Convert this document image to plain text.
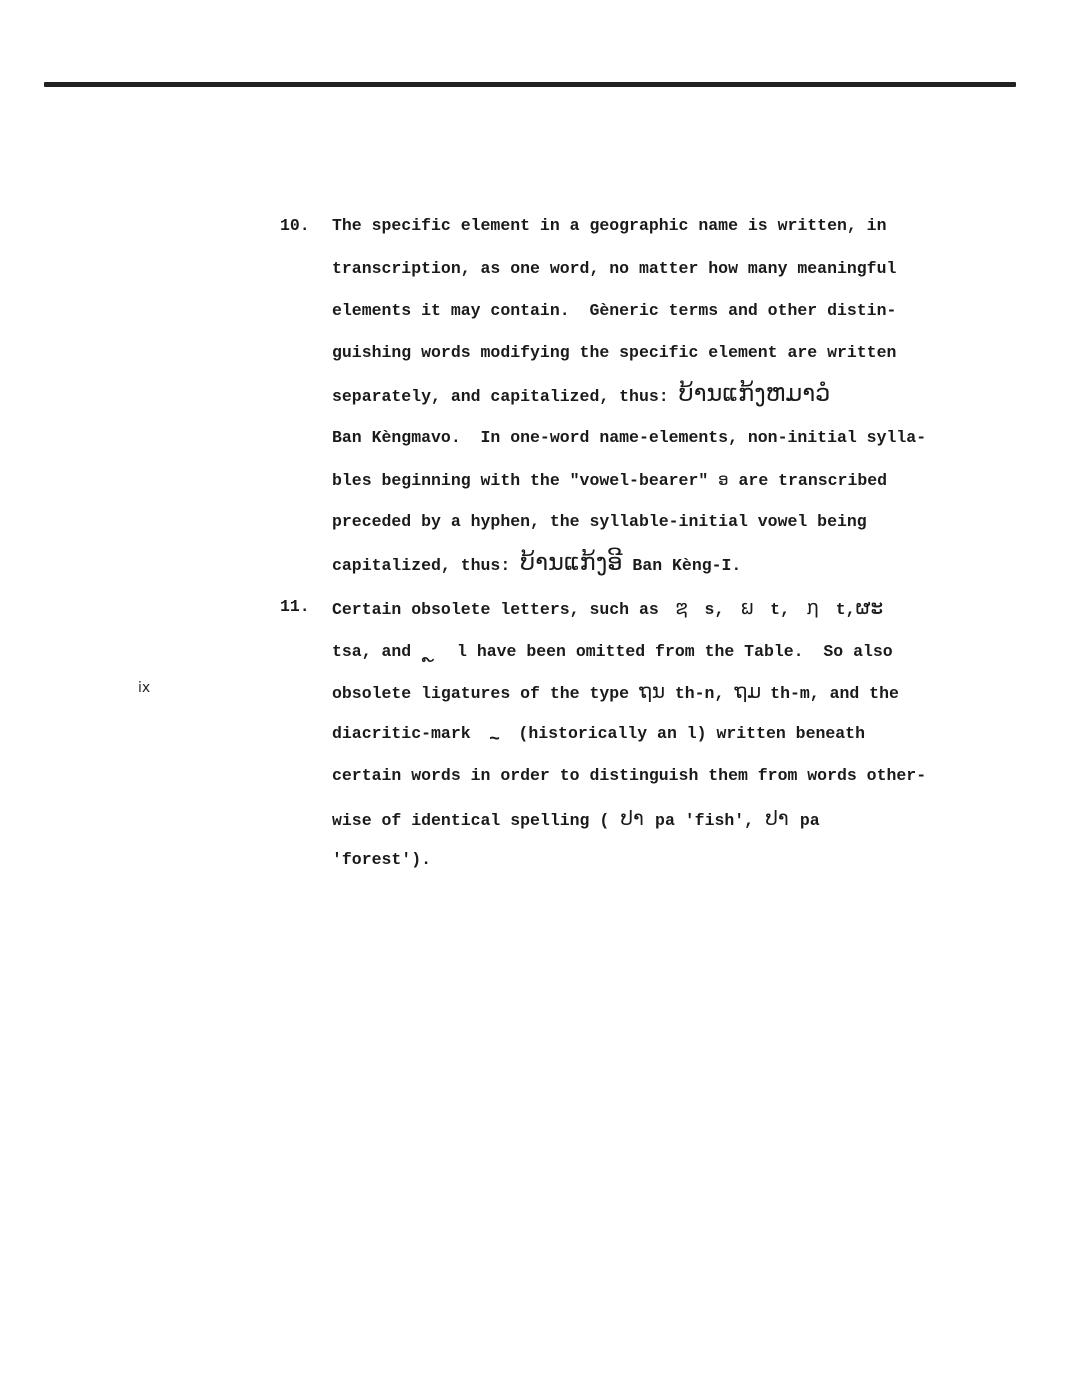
ix
10. The specific element in a geographic name is written, in
transcription, as one word, no matter how many meaningful
elements it may contain.  Gèneric terms and other distin-
guishing words modifying the specific element are written
separately, and capitalized, thus: ບ້ານແກ້ງຫມາວໍ
Ban Kèngmavo.  In one-word name-elements, non-initial sylla-
bles beginning with the "vowel-bearer" ອ are transcribed
preceded by a hyphen, the syllable-initial vowel being
capitalized, thus: ບ້ານແກ້ງອີ Ban Kèng-I.
11. Certain obsolete letters, such as ຌ s, ຏ t, ຐ t,ຜະ
tsa, and  l have been omitted from the Table.  So also
obsolete ligatures of the type ຖນ th-n, ຖມ th-m, and the
diacritic-mark ~ (historically an l) written beneath
certain words in order to distinguish them from words other-
wise of identical spelling ( ປາ pa 'fish', ປາ pa
'forest').
